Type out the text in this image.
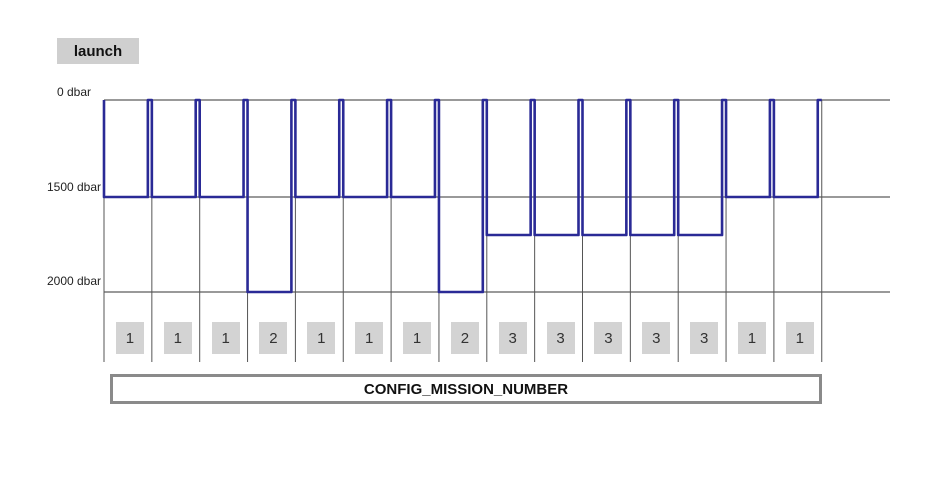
launch
0 dbar
1500 dbar
2000 dbar
1	1	1	2	1	1	1	2	3	3	3	3	3	1	1
CONFIG_MISSION_NUMBER
